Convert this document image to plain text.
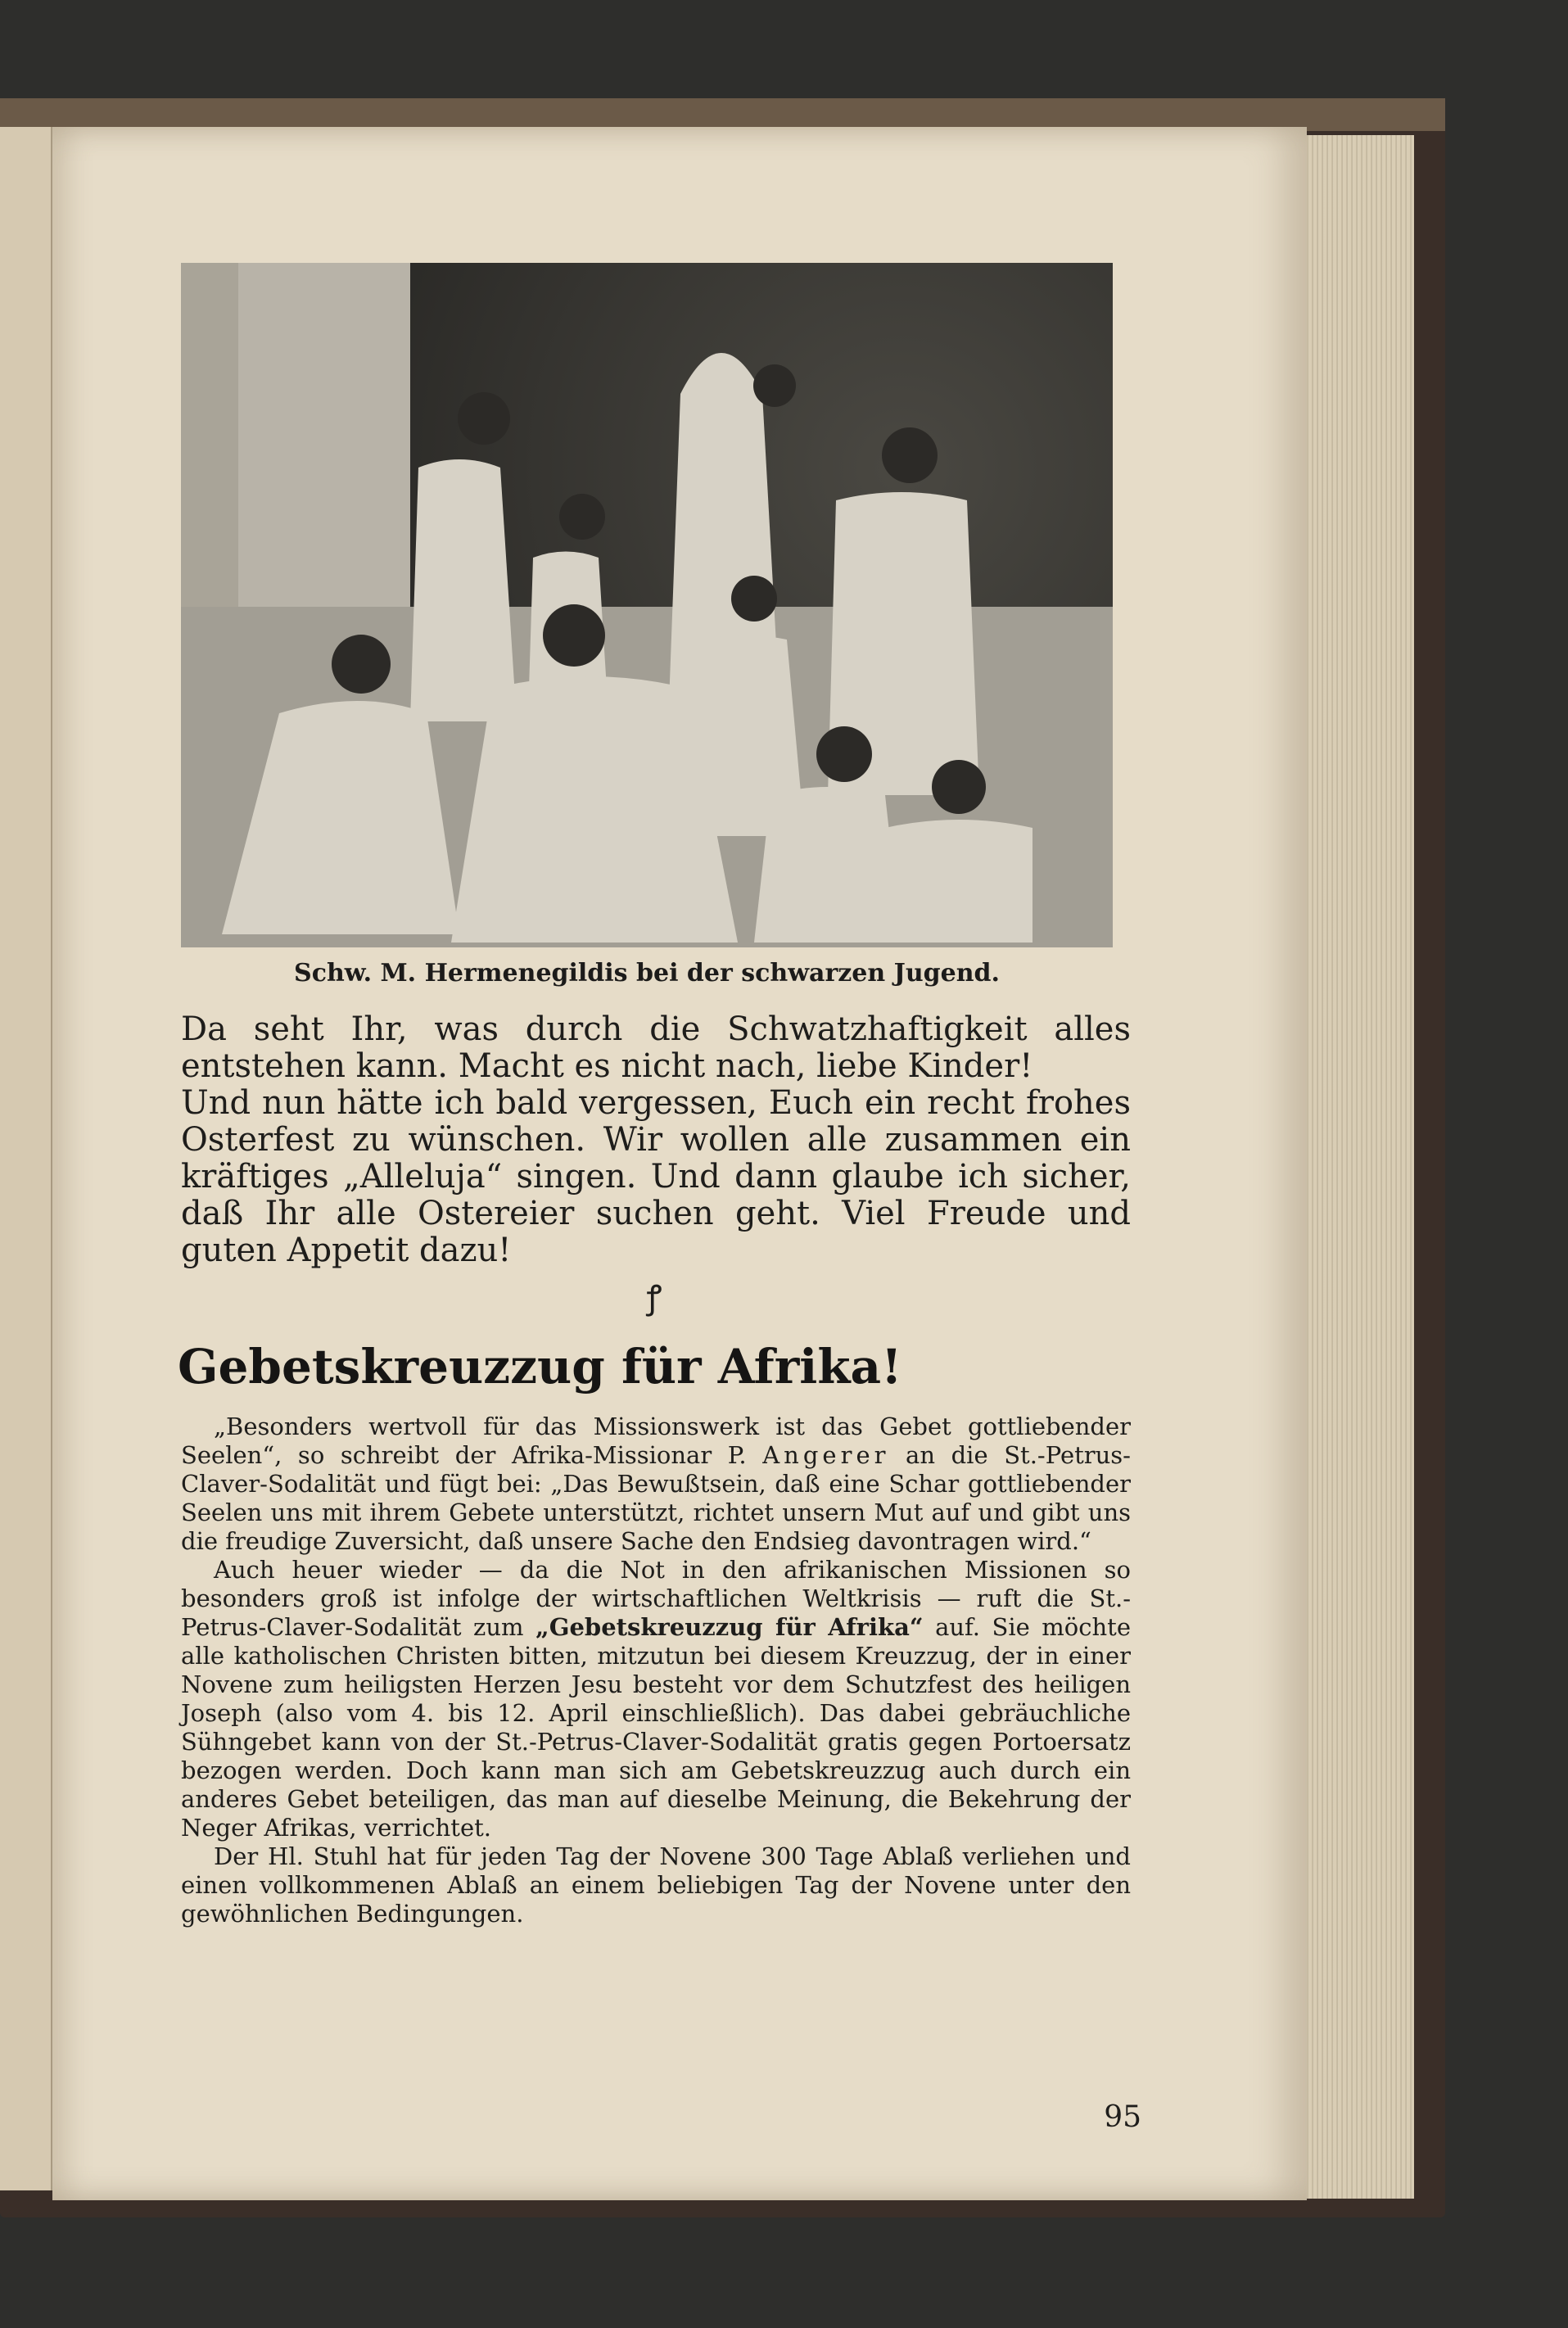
Schw. M. Hermenegildis bei der schwarzen Jugend.

Da seht Ihr, was durch die Schwatzhaftigkeit alles entstehen kann. Macht es nicht nach, liebe Kinder!

Und nun hätte ich bald vergessen, Euch ein recht frohes Osterfest zu wünschen. Wir wollen alle zusammen ein kräftiges „Alleluja“ singen. Und dann glaube ich sicher, daß Ihr alle Ostereier suchen geht. Viel Freude und guten Appetit dazu!

ꝭ
Gebetskreuzzug für Afrika!

„Besonders wertvoll für das Missionswerk ist das Gebet gottliebender Seelen“, so schreibt der Afrika-Missionar P. Angerer an die St.-Petrus-Claver-Sodalität und fügt bei: „Das Bewußtsein, daß eine Schar gottliebender Seelen uns mit ihrem Gebete unterstützt, richtet unsern Mut auf und gibt uns die freudige Zuversicht, daß unsere Sache den Endsieg davontragen wird.“

Auch heuer wieder — da die Not in den afrikanischen Missionen so besonders groß ist infolge der wirtschaftlichen Weltkrisis — ruft die St.-Petrus-Claver-Sodalität zum „Gebetskreuzzug für Afrika“ auf. Sie möchte alle katholischen Christen bitten, mitzutun bei diesem Kreuzzug, der in einer Novene zum heiligsten Herzen Jesu besteht vor dem Schutzfest des heiligen Joseph (also vom 4. bis 12. April einschließlich). Das dabei gebräuchliche Sühngebet kann von der St.-Petrus-Claver-Sodalität gratis gegen Portoersatz bezogen werden. Doch kann man sich am Gebetskreuzzug auch durch ein anderes Gebet beteiligen, das man auf dieselbe Meinung, die Bekehrung der Neger Afrikas, verrichtet.

Der Hl. Stuhl hat für jeden Tag der Novene 300 Tage Ablaß verliehen und einen vollkommenen Ablaß an einem beliebigen Tag der Novene unter den gewöhnlichen Bedingungen.

95
